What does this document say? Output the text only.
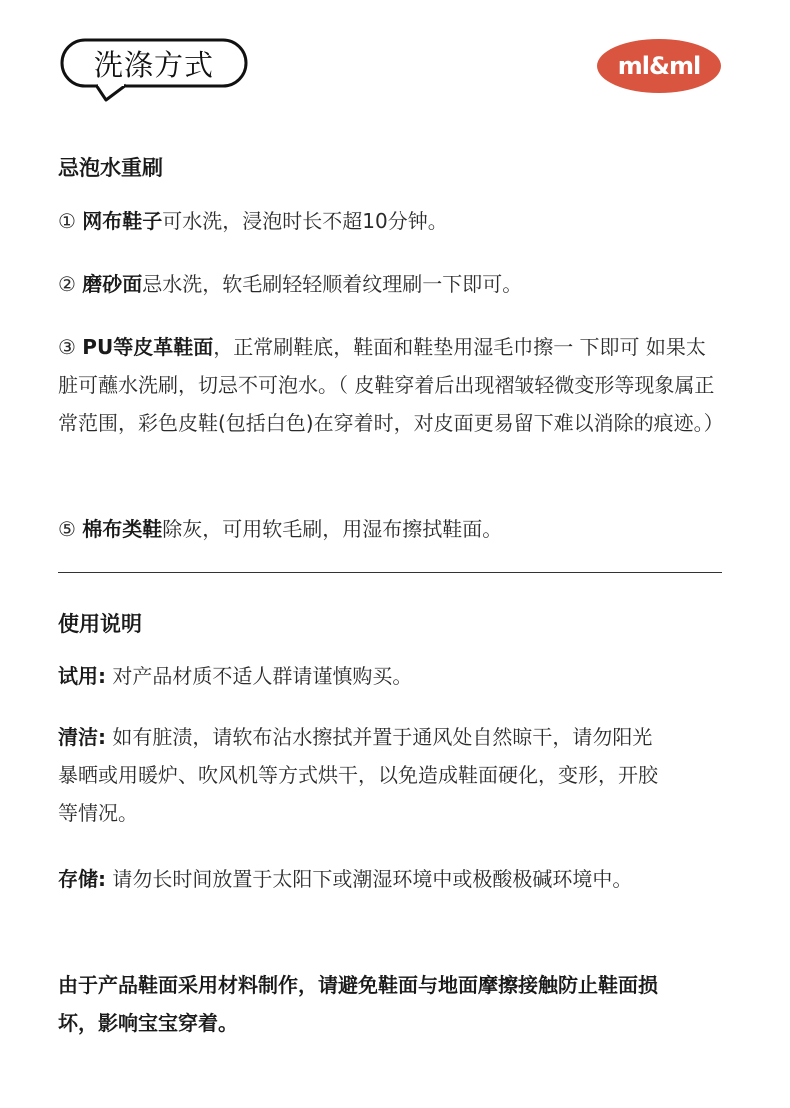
洗涤方式	ml&ml
忌泡水重刷
① 网布鞋子可水洗，浸泡时长不超10分钟。
② 磨砂面忌水洗，软毛刷轻轻顺着纹理刷一下即可。
③ PU等皮革鞋面，正常刷鞋底，鞋面和鞋垫用湿毛巾擦一 下即可 如果太脏可蘸水洗刷，切忌不可泡水。（ 皮鞋穿着后出现褶皱轻微变形等现象属正常范围，彩色皮鞋(包括白色)在穿着时，对皮面更易留下难以消除的痕迹。）
⑤ 棉布类鞋除灰，可用软毛刷，用湿布擦拭鞋面。
使用说明
试用: 对产品材质不适人群请谨慎购买。
清洁: 如有脏渍，请软布沾水擦拭并置于通风处自然晾干，请勿阳光暴晒或用暖炉、吹风机等方式烘干，以免造成鞋面硬化，变形，开胶等情况。
存储: 请勿长时间放置于太阳下或潮湿环境中或极酸极碱环境中。
由于产品鞋面采用材料制作，请避免鞋面与地面摩擦接触防止鞋面损坏，影响宝宝穿着。
